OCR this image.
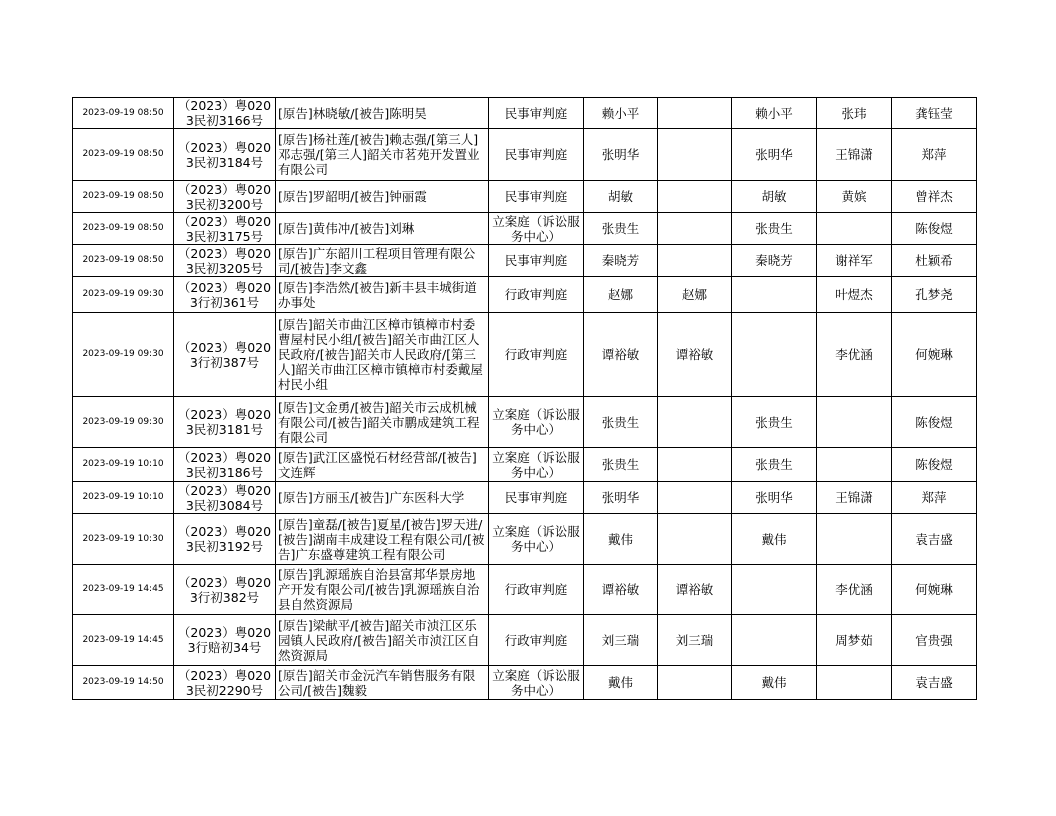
2023-09-19 08:50	（2023）粤0203民初3166号	[原告]林晓敏/[被告]陈明昊	民事审判庭	赖小平		赖小平	张玮	龚钰莹
2023-09-19 08:50	（2023）粤0203民初3184号	[原告]杨社莲/[被告]赖志强/[第三人]邓志强/[第三人]韶关市茗苑开发置业有限公司	民事审判庭	张明华		张明华	王锦潇	郑萍
2023-09-19 08:50	（2023）粤0203民初3200号	[原告]罗韶明/[被告]钟丽霞	民事审判庭	胡敏		胡敏	黄嫔	曾祥杰
2023-09-19 08:50	（2023）粤0203民初3175号	[原告]黄伟冲/[被告]刘琳	立案庭（诉讼服务中心）	张贵生		张贵生		陈俊煜
2023-09-19 08:50	（2023）粤0203民初3205号	[原告]广东韶川工程项目管理有限公司/[被告]李文鑫	民事审判庭	秦晓芳		秦晓芳	谢祥军	杜颖希
2023-09-19 09:30	（2023）粤0203行初361号	[原告]李浩然/[被告]新丰县丰城街道办事处	行政审判庭	赵娜	赵娜		叶煜杰	孔梦尧
2023-09-19 09:30	（2023）粤0203行初387号	[原告]韶关市曲江区樟市镇樟市村委曹屋村民小组/[被告]韶关市曲江区人民政府/[被告]韶关市人民政府/[第三人]韶关市曲江区樟市镇樟市村委戴屋村民小组	行政审判庭	谭裕敏	谭裕敏		李优涵	何婉琳
2023-09-19 09:30	（2023）粤0203民初3181号	[原告]文金勇/[被告]韶关市云成机械有限公司/[被告]韶关市鹏成建筑工程有限公司	立案庭（诉讼服务中心）	张贵生		张贵生		陈俊煜
2023-09-19 10:10	（2023）粤0203民初3186号	[原告]武江区盛悦石材经营部/[被告]文连辉	立案庭（诉讼服务中心）	张贵生		张贵生		陈俊煜
2023-09-19 10:10	（2023）粤0203民初3084号	[原告]方丽玉/[被告]广东医科大学	民事审判庭	张明华		张明华	王锦潇	郑萍
2023-09-19 10:30	（2023）粤0203民初3192号	[原告]童磊/[被告]夏星/[被告]罗天进/[被告]湖南丰成建设工程有限公司/[被告]广东盛尊建筑工程有限公司	立案庭（诉讼服务中心）	戴伟		戴伟		袁吉盛
2023-09-19 14:45	（2023）粤0203行初382号	[原告]乳源瑶族自治县富邦华景房地产开发有限公司/[被告]乳源瑶族自治县自然资源局	行政审判庭	谭裕敏	谭裕敏		李优涵	何婉琳
2023-09-19 14:45	（2023）粤0203行赔初34号	[原告]梁献平/[被告]韶关市浈江区乐园镇人民政府/[被告]韶关市浈江区自然资源局	行政审判庭	刘三瑞	刘三瑞		周梦茹	官贵强
2023-09-19 14:50	（2023）粤0203民初2290号	[原告]韶关市金沅汽车销售服务有限公司/[被告]魏毅	立案庭（诉讼服务中心）	戴伟		戴伟		袁吉盛
